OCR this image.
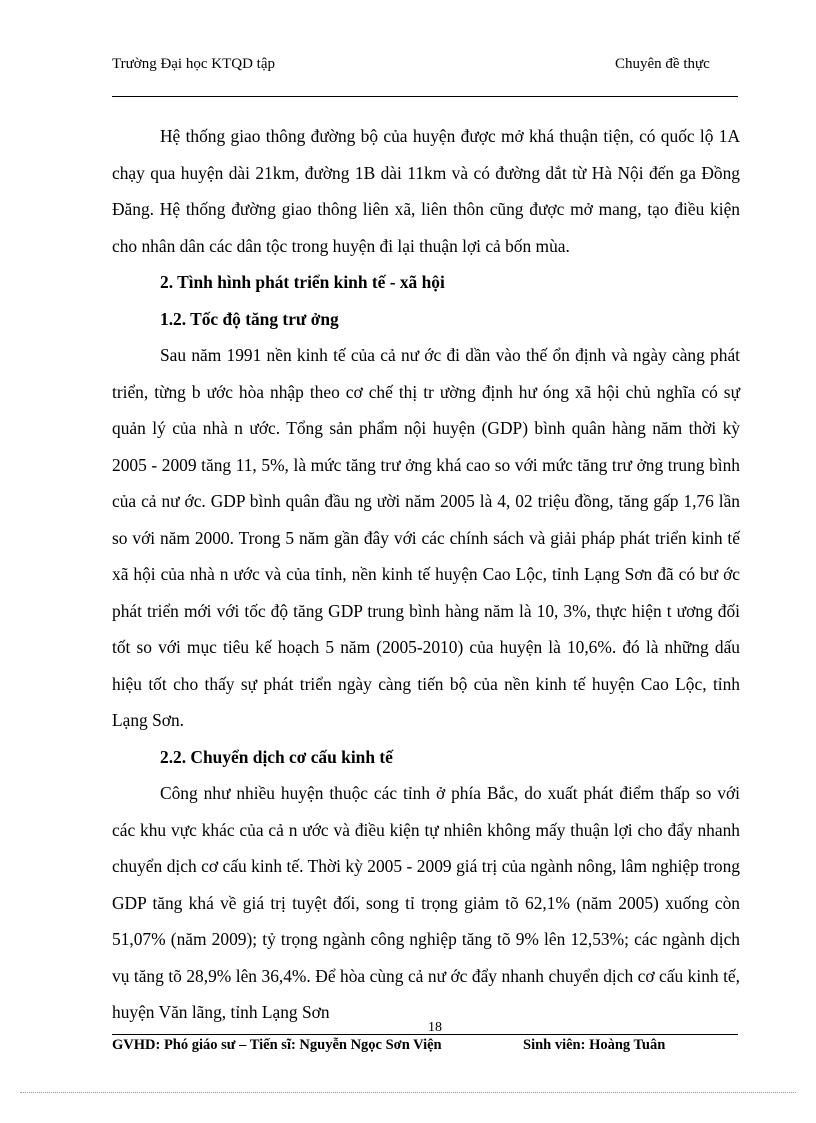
Trường Đại học KTQD tập	Chuyên đề thực

Hệ thống giao thông đường bộ của huyện được mở khá thuận tiện, có quốc lộ 1A chạy qua huyện dài 21km, đường 1B dài 11km và có đường dắt từ Hà Nội đến ga Đồng Đăng. Hệ thống đường giao thông liên xã, liên thôn cũng được mở mang, tạo điều kiện cho nhân dân các dân tộc trong huyện đi lại thuận lợi cả bốn mùa.

2. Tình hình phát triển kinh tế - xã hội

1.2. Tốc độ tăng trư ởng

Sau năm 1991 nền kinh tế của cả nư ớc đi dần vào thế ổn định và ngày càng phát triển, từng b ước hòa nhập theo cơ chế thị tr ường định hư óng xã hội chủ nghĩa có sự quản lý của nhà n ước. Tổng sản phẩm nội huyện (GDP) bình quân hàng năm thời kỳ 2005 - 2009 tăng 11, 5%, là mức tăng trư ởng khá cao so với mức tăng trư ởng trung bình của cả nư ớc. GDP bình quân đầu ng ười năm 2005 là 4, 02 triệu đồng, tăng gấp 1,76 lần so với năm 2000. Trong 5 năm gần đây với các chính sách và giải pháp phát triển kinh tế xã hội của nhà n ước và của tỉnh, nền kinh tế huyện Cao Lộc, tỉnh Lạng Sơn đã có bư ớc phát triển mới với tốc độ tăng GDP trung bình hàng năm là 10, 3%, thực hiện t ương đối tốt so với mục tiêu kế hoạch 5 năm (2005-2010) của huyện là 10,6%. đó là những dấu hiệu tốt cho thấy sự phát triển ngày càng tiến bộ của nền kinh tế huyện Cao Lộc, tỉnh Lạng Sơn.

2.2. Chuyển dịch cơ cấu kinh tế

Công như nhiều huyện thuộc các tỉnh ở phía Bắc, do xuất phát điểm thấp so với các khu vực khác của cả n ước và điều kiện tự nhiên không mấy thuận lợi cho đẩy nhanh chuyển dịch cơ cấu kinh tế. Thời kỳ 2005 - 2009 giá trị của ngành nông, lâm nghiệp trong GDP tăng khá về giá trị tuyệt đối, song tỉ trọng giảm tõ 62,1% (năm 2005) xuống còn 51,07% (năm 2009); tỷ trọng ngành công nghiệp tăng tõ 9% lên 12,53%; các ngành dịch vụ tăng tõ 28,9% lên 36,4%. Để hòa cùng cả nư ớc đẩy nhanh chuyển dịch cơ cấu kinh tế, huyện Văn lãng, tỉnh Lạng Sơn

18
GVHD: Phó giáo sư – Tiến sĩ: Nguyễn Ngọc Sơn Viện	Sinh viên: Hoàng Tuân
